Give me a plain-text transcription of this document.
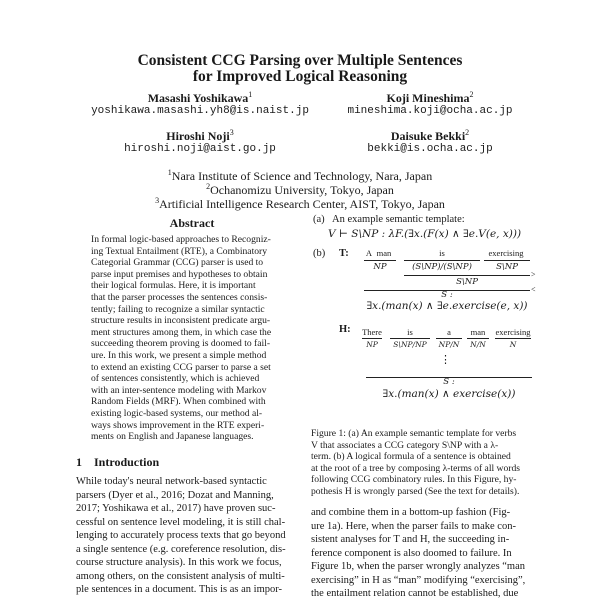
Consistent CCG Parsing over Multiple Sentences
for Improved Logical Reasoning
Masashi Yoshikawa$^1$
yoshikawa.masashi.yh8@is.naist.jp
Koji Mineshima$^2$
mineshima.koji@ocha.ac.jp
Hiroshi Noji$^3$
hiroshi.noji@aist.go.jp
Daisuke Bekki$^2$
bekki@is.ocha.ac.jp
$^1$Nara Institute of Science and Technology, Nara, Japan
$^2$Ochanomizu University, Tokyo, Japan
$^3$Artificial Intelligence Research Center, AIST, Tokyo, Japan
Abstract
In formal logic-based approaches to Recogniz-
ing Textual Entailment (RTE), a Combinatory
Categorial Grammar (CCG) parser is used to
parse input premises and hypotheses to obtain
their logical formulas. Here, it is important
that the parser processes the sentences consis-
tently; failing to recognize a similar syntactic
structure results in inconsistent predicate argu-
ment structures among them, in which case the
succeeding theorem proving is doomed to fail-
ure. In this work, we present a simple method
to extend an existing CCG parser to parse a set
of sentences consistently, which is achieved
with an inter-sentence modeling with Markov
Random Fields (MRF). When combined with
existing logic-based systems, our method al-
ways shows improvement in the RTE experi-
ments on English and Japanese languages.
1 Introduction
While today's neural network-based syntactic
parsers (Dyer et al., 2016; Dozat and Manning,
2017; Yoshikawa et al., 2017) have proven suc-
cessful on sentence level modeling, it is still chal-
lenging to accurately process texts that go beyond
a single sentence (e.g. coreference resolution, dis-
course structure analysis). In this work we focus,
among others, on the consistent analysis of multi-
ple sentences in a document. This is as an impor-
and combine them in a bottom-up fashion (Fig-
ure 1a). Here, when the parser fails to make con-
sistent analyses for T and H, the succeeding in-
ference component is also doomed to failure. In
Figure 1b, when the parser wrongly analyzes “man
exercising” in H as “man” modifying “exercising”,
the entailment relation cannot be established, due
(a) An example semantic template:
V ⊢ S\NP : λF.(∃x.(F(x) ∧ ∃e.V(e, x)))
(b) T:	A man	is	exercising
NP	(S\NP)/(S\NP)	S\NP
>
S\NP
<
S :
∃x.(man(x) ∧ ∃e.exercise(e, x))
H: There	is	a	man	exercising
NP	S\NP/NP	NP/N	N/N	N
⋮
S :
∃x.(man(x) ∧ exercise(x))
Figure 1: (a) An example semantic template for verbs
V that associates a CCG category S\NP with a λ-
term. (b) A logical formula of a sentence is obtained
at the root of a tree by composing λ-terms of all words
following CCG combinatory rules. In this Figure, hy-
pothesis H is wrongly parsed (See the text for details).
